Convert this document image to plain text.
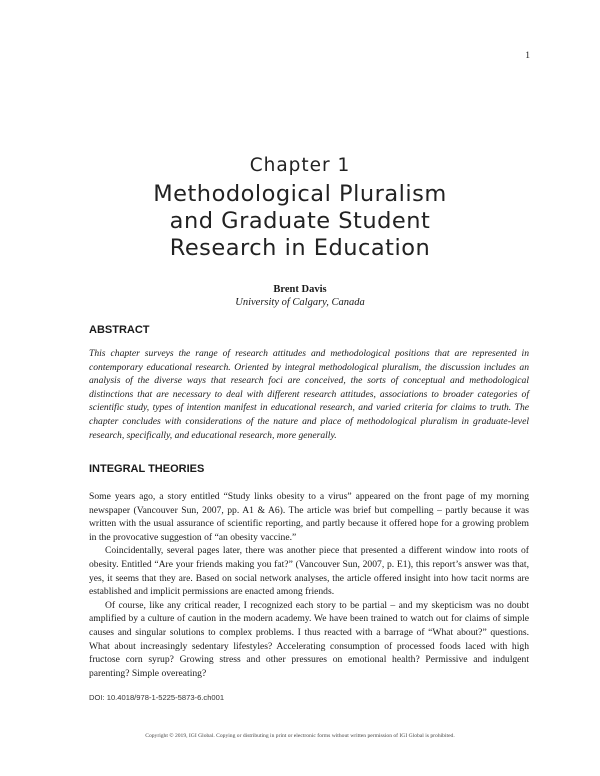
1
Chapter 1
Methodological Pluralism
and Graduate Student
Research in Education
Brent Davis
University of Calgary, Canada
ABSTRACT
This chapter surveys the range of research attitudes and methodological positions that are represented in contemporary educational research. Oriented by integral methodological pluralism, the discussion includes an analysis of the diverse ways that research foci are conceived, the sorts of conceptual and methodological distinctions that are necessary to deal with different research attitudes, associations to broader categories of scientific study, types of intention manifest in educational research, and varied criteria for claims to truth. The chapter concludes with considerations of the nature and place of methodological pluralism in graduate-level research, specifically, and educational research, more generally.
INTEGRAL THEORIES

Some years ago, a story entitled “Study links obesity to a virus” appeared on the front page of my morning newspaper (Vancouver Sun, 2007, pp. A1 & A6). The article was brief but compelling – partly because it was written with the usual assurance of scientific reporting, and partly because it offered hope for a growing problem in the provocative suggestion of “an obesity vaccine.”

Coincidentally, several pages later, there was another piece that presented a different window into roots of obesity. Entitled “Are your friends making you fat?” (Vancouver Sun, 2007, p. E1), this report’s answer was that, yes, it seems that they are. Based on social network analyses, the article offered insight into how tacit norms are established and implicit permissions are enacted among friends.

Of course, like any critical reader, I recognized each story to be partial – and my skepticism was no doubt amplified by a culture of caution in the modern academy. We have been trained to watch out for claims of simple causes and singular solutions to complex problems. I thus reacted with a barrage of “What about?” questions. What about increasingly sedentary lifestyles? Accelerating consumption of processed foods laced with high fructose corn syrup? Growing stress and other pressures on emotional health? Permissive and indulgent parenting? Simple overeating?

DOI: 10.4018/978-1-5225-5873-6.ch001
Copyright © 2019, IGI Global. Copying or distributing in print or electronic forms without written permission of IGI Global is prohibited.
